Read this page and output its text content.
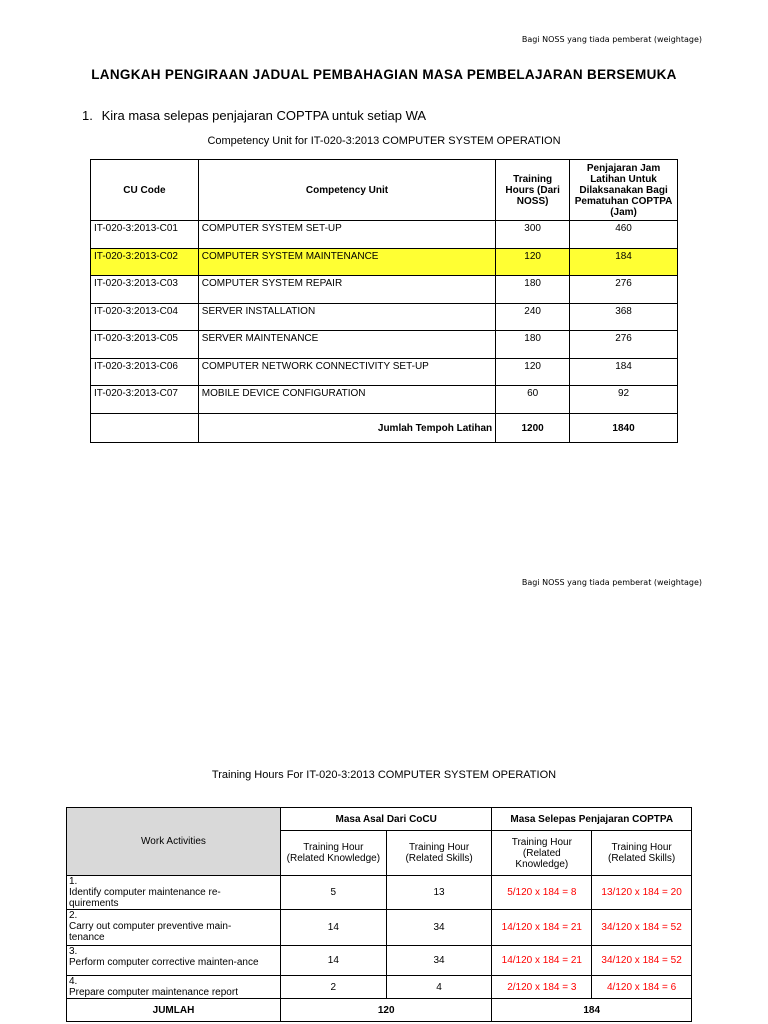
Bagi NOSS yang tiada pemberat (weightage)
LANGKAH PENGIRAAN JADUAL PEMBAHAGIAN MASA PEMBELAJARAN BERSEMUKA
1. Kira masa selepas penjajaran COPTPA untuk setiap WA
Competency Unit for IT-020-3:2013 COMPUTER SYSTEM OPERATION
CU Code	Competency Unit	Training Hours (Dari NOSS)	Penjajaran Jam Latihan Untuk Dilaksanakan Bagi Pematuhan COPTPA (Jam)
IT-020-3:2013-C01	COMPUTER SYSTEM SET-UP	300	460
IT-020-3:2013-C02	COMPUTER SYSTEM MAINTENANCE	120	184
IT-020-3:2013-C03	COMPUTER SYSTEM REPAIR	180	276
IT-020-3:2013-C04	SERVER INSTALLATION	240	368
IT-020-3:2013-C05	SERVER MAINTENANCE	180	276
IT-020-3:2013-C06	COMPUTER NETWORK CONNECTIVITY SET-UP	120	184
IT-020-3:2013-C07	MOBILE DEVICE CONFIGURATION	60	92
	Jumlah Tempoh Latihan	1200	1840
Bagi NOSS yang tiada pemberat (weightage)
Training Hours For IT-020-3:2013 COMPUTER SYSTEM OPERATION
Work Activities	Masa Asal Dari CoCU		Masa Selepas Penjajaran COPTPA	
	Training Hour (Related Knowledge)	Training Hour (Related Skills)	Training Hour (Related Knowledge)	Training Hour (Related Skills)
1.Identify computer maintenance re-quirements	5	13	5/120 x 184 = 8	13/120 x 184 = 20
2.Carry out computer preventive main-tenance	14	34	14/120 x 184 = 21	34/120 x 184 = 52
3.Perform computer corrective mainten-ance	14	34	14/120 x 184 = 21	34/120 x 184 = 52
4.Prepare computer maintenance report	2	4	2/120 x 184 = 3	4/120 x 184 = 6
JUMLAH	120		184	
